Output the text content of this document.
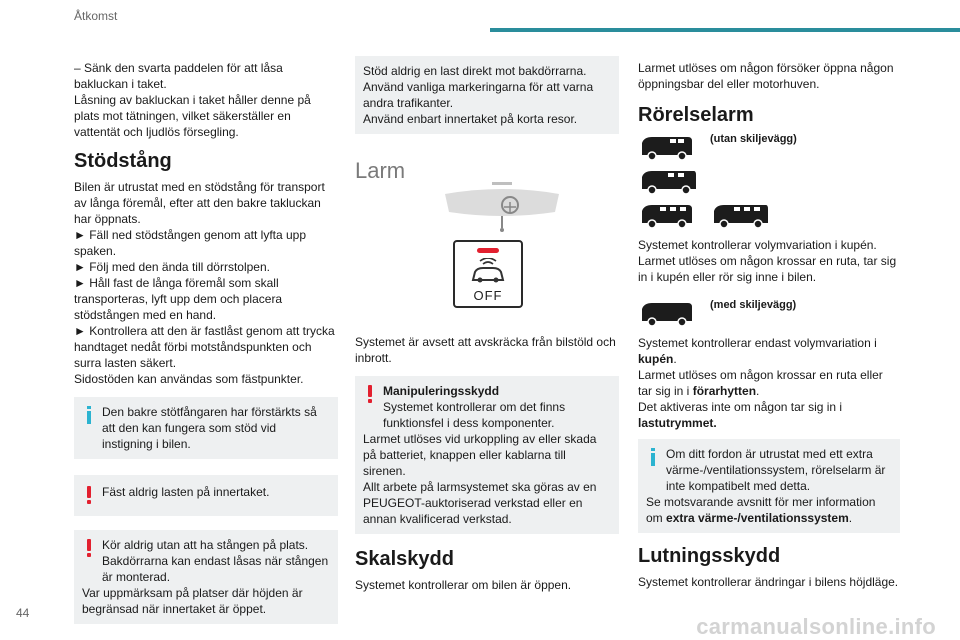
Åtkomst

– Sänk den svarta paddelen för att låsa bakluckan i taket.

Låsning av bakluckan i taket håller denne på plats mot tätningen, vilket säkerställer en vattentät och ljudlös försegling.

Stödstång

Bilen är utrustat med en stödstång för transport av långa föremål, efter att den bakre takluckan har öppnats.

► Fäll ned stödstången genom att lyfta upp spaken.

► Följ med den ända till dörrstolpen.

► Håll fast de långa föremål som skall transporteras, lyft upp dem och placera stödstången med en hand.

► Kontrollera att den är fastlåst genom att trycka handtaget nedåt förbi motståndspunkten och surra lasten säkert.

Sidostöden kan användas som fästpunkter.

Den bakre stötfångaren har förstärkts så att den kan fungera som stöd vid instigning i bilen.
Fäst aldrig lasten på innertaket.
Kör aldrig utan att ha stången på plats. Bakdörrarna kan endast låsas när stången är monterad.
Var uppmärksam på platser där höjden är begränsad när innertaket är öppet.
Stöd aldrig en last direkt mot bakdörrarna. Använd vanliga markeringarna för att varna andra trafikanter.
Använd enbart innertaket på korta resor.
Larm
OFF

Systemet är avsett att avskräcka från bilstöld och inbrott.

Manipuleringsskydd
Systemet kontrollerar om det finns funktionsfel i dess komponenter.
Larmet utlöses vid urkoppling av eller skada på batteriet, knappen eller kablarna till sirenen.
Allt arbete på larmsystemet ska göras av en PEUGEOT-auktoriserad verkstad eller en annan kvalificerad verkstad.
Skalskydd

Systemet kontrollerar om bilen är öppen.

Larmet utlöses om någon försöker öppna någon öppningsbar del eller motorhuven.

Rörelselarm
(utan skiljevägg)

Systemet kontrollerar volymvariation i kupén.

Larmet utlöses om någon krossar en ruta, tar sig in i kupén eller rör sig inne i bilen.

(med skiljevägg)

Systemet kontrollerar endast volymvariation i kupén.

Larmet utlöses om någon krossar en ruta eller tar sig in i förarhytten.

Det aktiveras inte om någon tar sig in i lastutrymmet.

Om ditt fordon är utrustat med ett extra värme-/ventilationssystem, rörelselarm är inte kompatibelt med detta.
Se motsvarande avsnitt för mer information om extra värme-/ventilationssystem.
Lutningsskydd

Systemet kontrollerar ändringar i bilens höjdläge.

44
carmanualsonline.info
